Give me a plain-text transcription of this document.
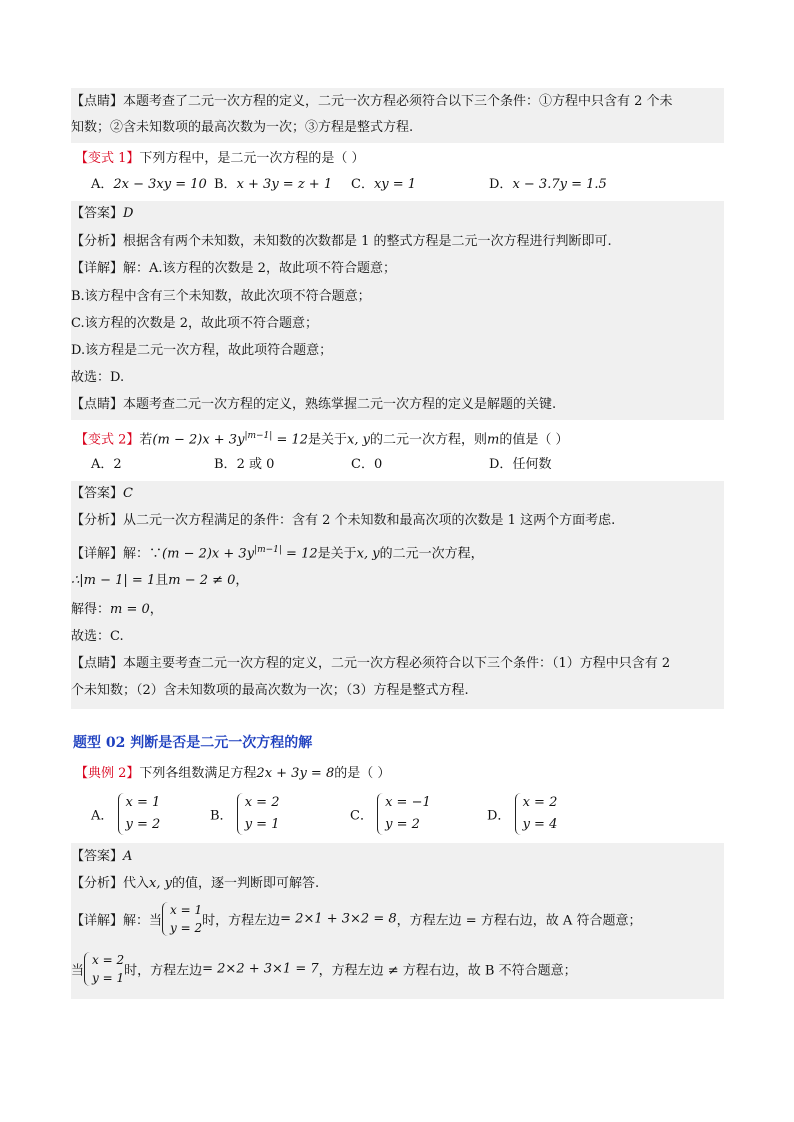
【点睛】本题考查了二元一次方程的定义，二元一次方程必须符合以下三个条件：①方程中只含有 2 个未
知数；②含未知数项的最高次数为一次；③方程是整式方程.
【变式 1】下列方程中，是二元一次方程的是（ ）
A．2x − 3xy = 10 B．x + 3y = z + 1 C．xy = 1	D．x − 3.7y = 1.5
【答案】D
【分析】根据含有两个未知数，未知数的次数都是 1 的整式方程是二元一次方程进行判断即可.
【详解】解：A.该方程的次数是 2，故此项不符合题意；
B.该方程中含有三个未知数，故此次项不符合题意；
C.该方程的次数是 2，故此项不符合题意；
D.该方程是二元一次方程，故此项符合题意；
故选：D.
【点睛】本题考查二元一次方程的定义，熟练掌握二元一次方程的定义是解题的关键.
【变式 2】若$(m - 2)x + 3y^{|m-1|} = 12$是关于x, y的二元一次方程，则m的值是（ ）
A．2	B．2 或 0	C．0	D．任何数
【答案】C
【分析】从二元一次方程满足的条件：含有 2 个未知数和最高次项的次数是 1 这两个方面考虑.
【详解】解：∵(m − $2)x + 3y^{|m-1|} = 12$是关于x, y的二元一次方程，
∴|m − 1| = 1且m − 2 ≠ 0，
解得：m = 0，
故选：C.
【点睛】本题主要考查二元一次方程的定义，二元一次方程必须符合以下三个条件：（1）方程中只含有 2
个未知数；（2）含未知数项的最高次数为一次；（3）方程是整式方程.
题型 02 判断是否是二元一次方程的解
【典例 2】下列各组数满足方程2x + 3y = 8的是（ ）
A．
x = 1
y = 2
B．
x = 2
y = 1
C．
x = −1
y = 2
D．
x = 2
y = 4
【答案】A
【分析】代入x, y的值，逐一判断即可解答.
【详解】解：当
x = 1
y = 2 时，方程左边= 2×1 + 3×2 = 8，方程左边 = 方程右边，故 A 符合题意；
当
x = 2
y = 1 时，方程左边= 2×2 + 3×1 = 7，方程左边 ≠ 方程右边，故 B 不符合题意；
